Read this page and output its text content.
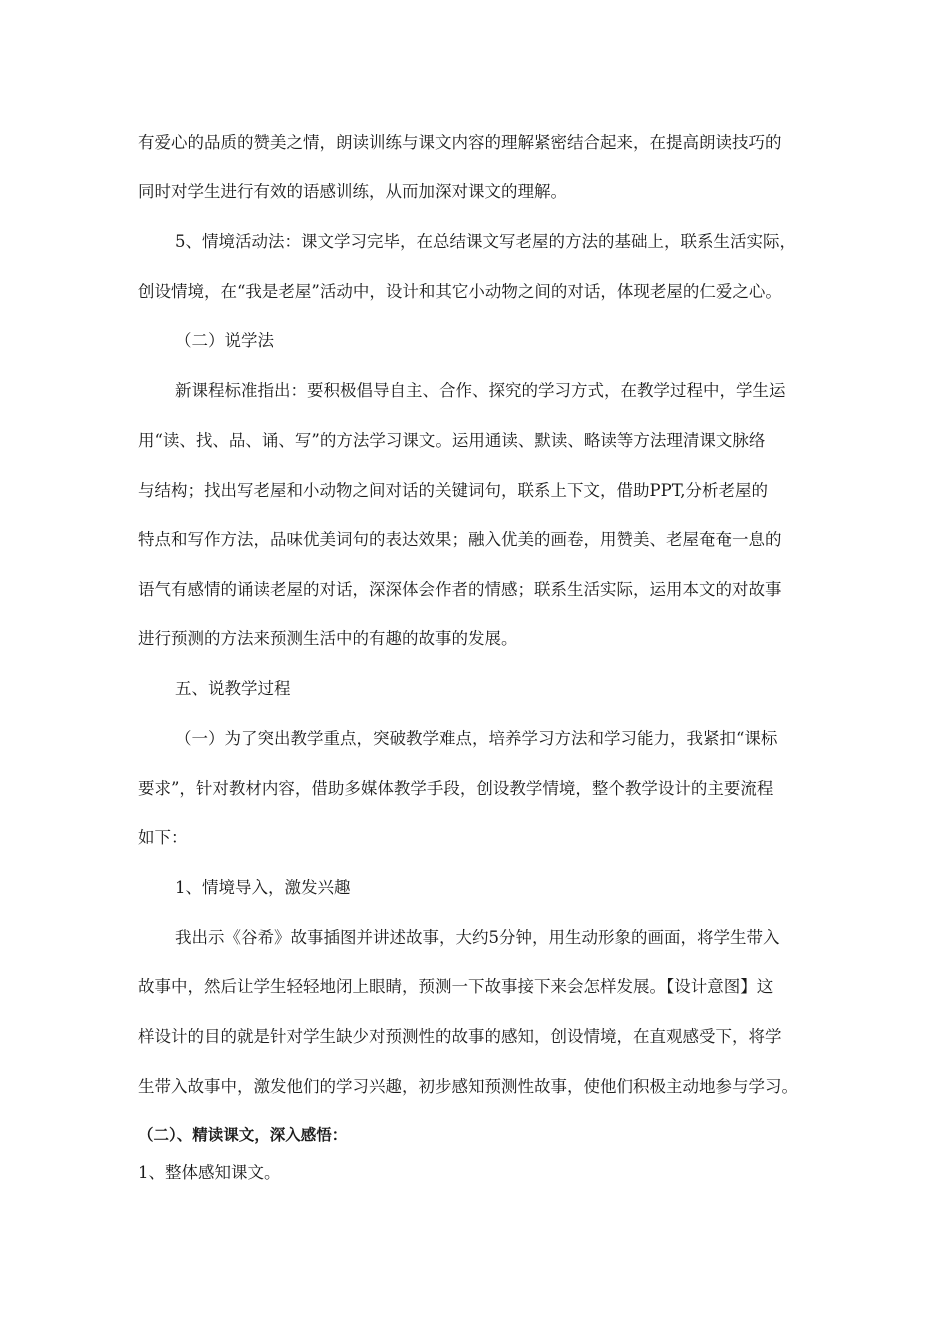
有爱心的品质的赞美之情，朗读训练与课文内容的理解紧密结合起来，在提高朗读技巧的
同时对学生进行有效的语感训练，从而加深对课文的理解。
5、情境活动法：课文学习完毕，在总结课文写老屋的方法的基础上，联系生活实际，
创设情境，在“我是老屋”活动中，设计和其它小动物之间的对话，体现老屋的仁爱之心。
（二）说学法
新课程标准指出：要积极倡导自主、合作、探究的学习方式，在教学过程中，学生运
用“读、找、品、诵、写”的方法学习课文。运用通读、默读、略读等方法理清课文脉络
与结构；找出写老屋和小动物之间对话的关键词句，联系上下文，借助PPT,分析老屋的
特点和写作方法，品味优美词句的表达效果；融入优美的画卷，用赞美、老屋奄奄一息的
语气有感情的诵读老屋的对话，深深体会作者的情感；联系生活实际，运用本文的对故事
进行预测的方法来预测生活中的有趣的故事的发展。
五、说教学过程
（一）为了突出教学重点，突破教学难点，培养学习方法和学习能力，我紧扣“课标
要求”，针对教材内容，借助多媒体教学手段，创设教学情境，整个教学设计的主要流程
如下：
1、情境导入，激发兴趣
我出示《谷希》故事插图并讲述故事，大约5分钟，用生动形象的画面，将学生带入
故事中，然后让学生轻轻地闭上眼睛，预测一下故事接下来会怎样发展。【设计意图】这
样设计的目的就是针对学生缺少对预测性的故事的感知，创设情境，在直观感受下，将学
生带入故事中，激发他们的学习兴趣，初步感知预测性故事，使他们积极主动地参与学习。
（二）、精读课文，深入感悟：
1、整体感知课文。
